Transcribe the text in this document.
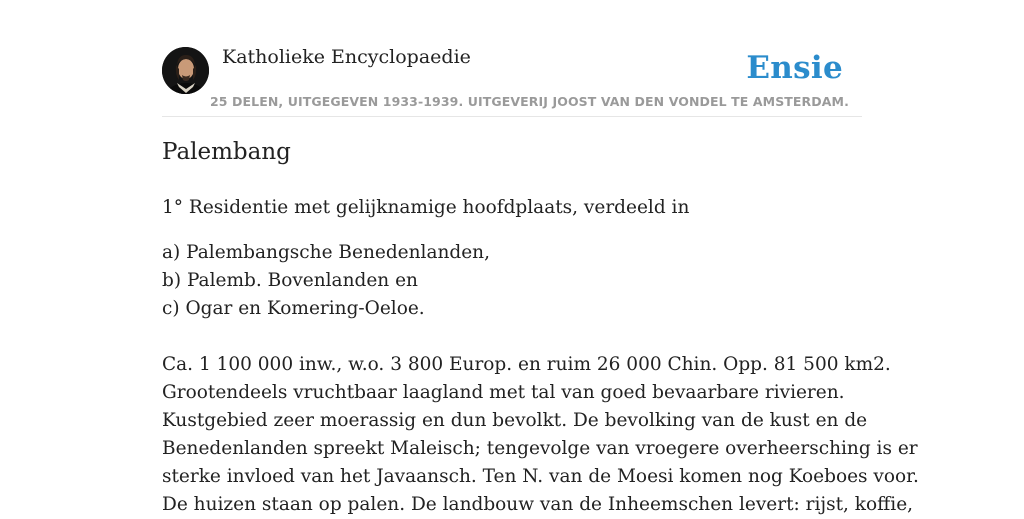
Katholieke Encyclopaedie
25 DELEN, UITGEGEVEN 1933-1939. UITGEVERIJ JOOST VAN DEN VONDEL TE AMSTERDAM.
Ensie
Palembang

1° Residentie met gelijknamige hoofdplaats, verdeeld in

a) Palembangsche Benedenlanden,
b) Palemb. Bovenlanden en
c) Ogar en Komering-Oeloe.

Ca. 1 100 000 inw., w.o. 3 800 Europ. en ruim 26 000 Chin. Opp. 81 500 km2.
Grootendeels vruchtbaar laagland met tal van goed bevaarbare rivieren.
Kustgebied zeer moerassig en dun bevolkt. De bevolking van de kust en de
Benedenlanden spreekt Maleisch; tengevolge van vroegere overheersching is er
sterke invloed van het Javaansch. Ten N. van de Moesi komen nog Koeboes voor.
De huizen staan op palen. De landbouw van de Inheemschen levert: rijst, koffie,
